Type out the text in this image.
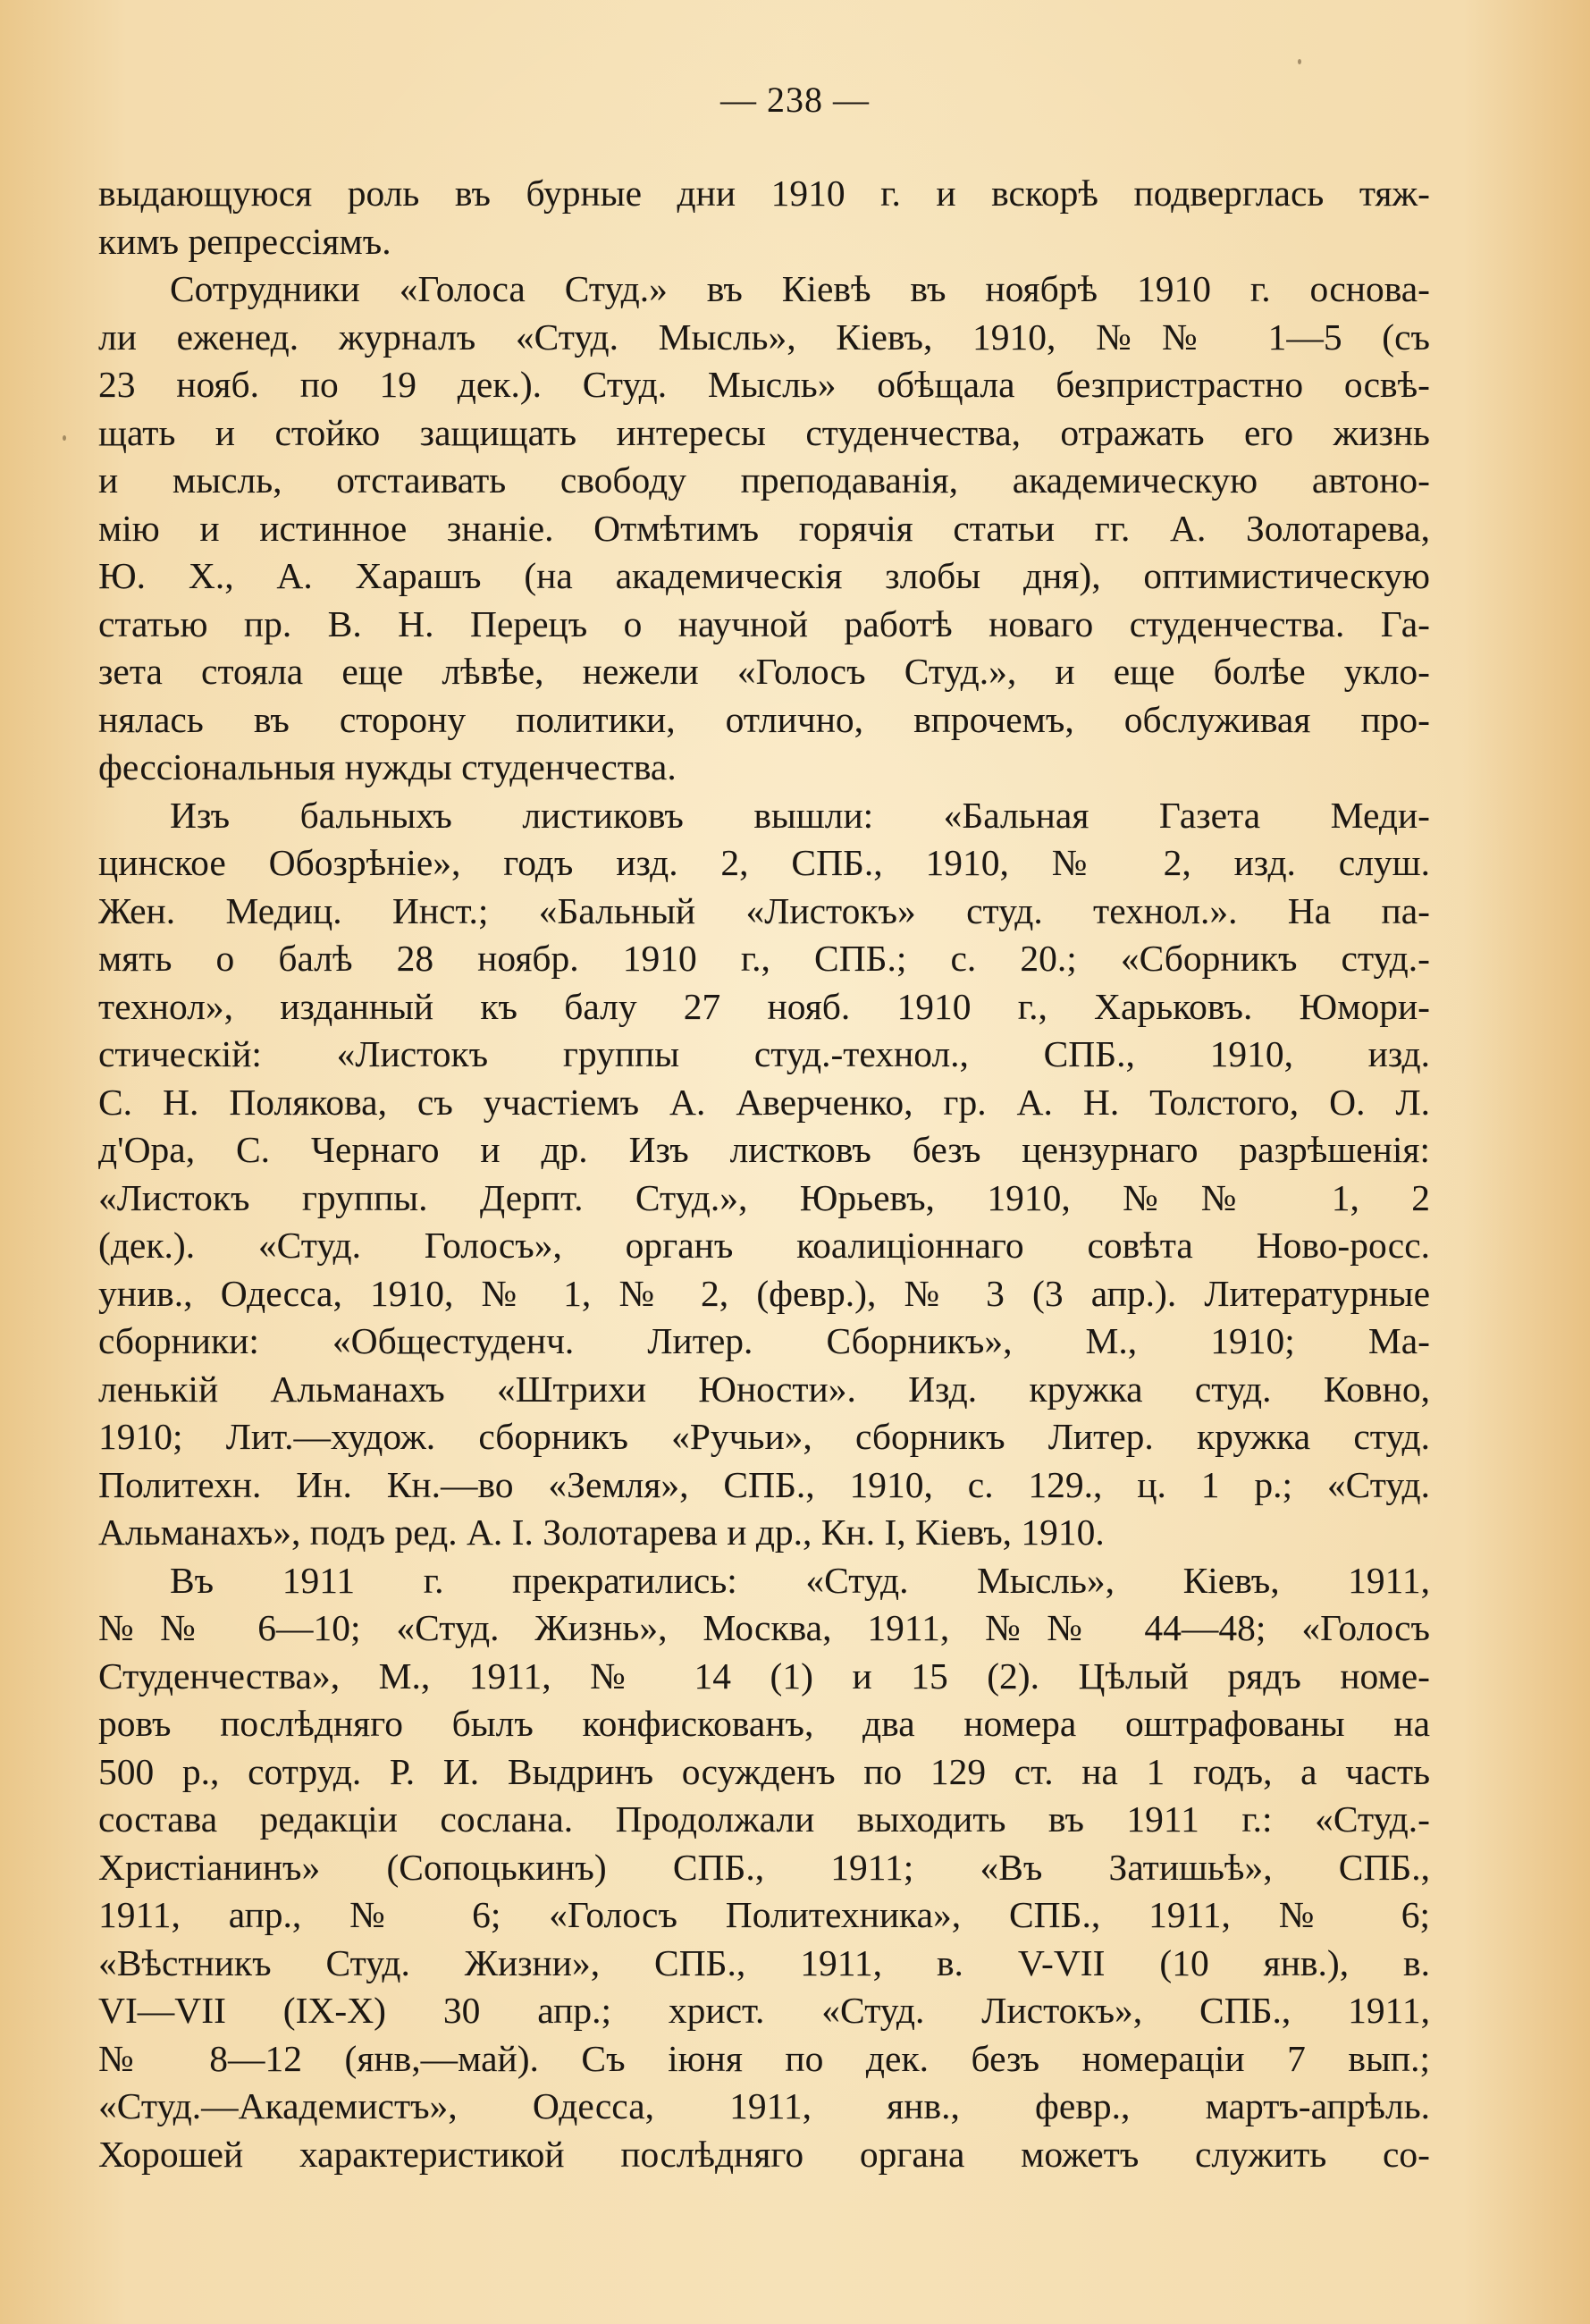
— 238 —
выдающуюся роль въ бурные дни 1910 г. и вскорѣ подверглась тяж-
кимъ репрессіямъ.
Сотрудники «Голоса Студ.» въ Кіевѣ въ ноябрѣ 1910 г. основа-
ли еженед. журналъ «Студ. Мысль», Кіевъ, 1910, №№ 1—5 (съ
23 нояб. по 19 дек.). Студ. Мысль» обѣщала безпристрастно освѣ-
щать и стойко защищать интересы студенчества, отражать его жизнь
и мысль, отстаивать свободу преподаванія, академическую автоно-
мію и истинное знаніе. Отмѣтимъ горячія статьи гг. А. Золотарева,
Ю. Х., А. Харашъ (на академическія злобы дня), оптимистическую
статью пр. В. Н. Перецъ о научной работѣ новаго студенчества. Га-
зета стояла еще лѣвѣе, нежели «Голосъ Студ.», и еще болѣе укло-
нялась въ сторону политики, отлично, впрочемъ, обслуживая про-
фессіональныя нужды студенчества.
Изъ бальныхъ листиковъ вышли: «Бальная Газета Меди-
цинское Обозрѣніе», годъ изд. 2, СПБ., 1910, № 2, изд. слуш.
Жен. Медиц. Инст.; «Бальный «Листокъ» студ. технол.». На па-
мять о балѣ 28 ноябр. 1910 г., СПБ.; с. 20.; «Сборникъ студ.-
технол», изданный къ балу 27 нояб. 1910 г., Харьковъ. Юмори-
стическій: «Листокъ группы студ.-технол., СПБ., 1910, изд.
С. Н. Полякова, съ участіемъ А. Аверченко, гр. А. Н. Толстого, О. Л.
д'Ора, С. Чернаго и др. Изъ листковъ безъ цензурнаго разрѣшенія:
«Листокъ группы. Дерпт. Студ.», Юрьевъ, 1910, №№ 1, 2
(дек.). «Студ. Голосъ», органъ коалиціоннаго совѣта Ново-росс.
унив., Одесса, 1910, № 1, № 2, (февр.), № 3 (3 апр.). Литературные
сборники: «Общестуденч. Литер. Сборникъ», М., 1910; Ма-
ленькій Альманахъ «Штрихи Юности». Изд. кружка студ. Ковно,
1910; Лит.—худож. сборникъ «Ручьи», сборникъ Литер. кружка студ.
Политехн. Ин. Кн.—во «Земля», СПБ., 1910, с. 129., ц. 1 р.; «Студ.
Альманахъ», подъ ред. А. І. Золотарева и др., Кн. І, Кіевъ, 1910.
Въ 1911 г. прекратились: «Студ. Мысль», Кіевъ, 1911,
№№ 6—10; «Студ. Жизнь», Москва, 1911, №№ 44—48; «Голосъ
Студенчества», М., 1911, № 14 (1) и 15 (2). Цѣлый рядъ номе-
ровъ послѣдняго былъ конфискованъ, два номера оштрафованы на
500 р., сотруд. Р. И. Выдринъ осужденъ по 129 ст. на 1 годъ, а часть
состава редакціи сослана. Продолжали выходить въ 1911 г.: «Студ.-
Христіанинъ» (Сопоцькинъ) СПБ., 1911; «Въ Затишьѣ», СПБ.,
1911, апр., № 6; «Голосъ Политехника», СПБ., 1911, № 6;
«Вѣстникъ Студ. Жизни», СПБ., 1911, в. V-VII (10 янв.), в.
VI—VII (IX-X) 30 апр.; христ. «Студ. Листокъ», СПБ., 1911,
№ 8—12 (янв,—май). Съ іюня по дек. безъ номераціи 7 вып.;
«Студ.—Академистъ», Одесса, 1911, янв., февр., мартъ-апрѣль.
Хорошей характеристикой послѣдняго органа можетъ служить со-
